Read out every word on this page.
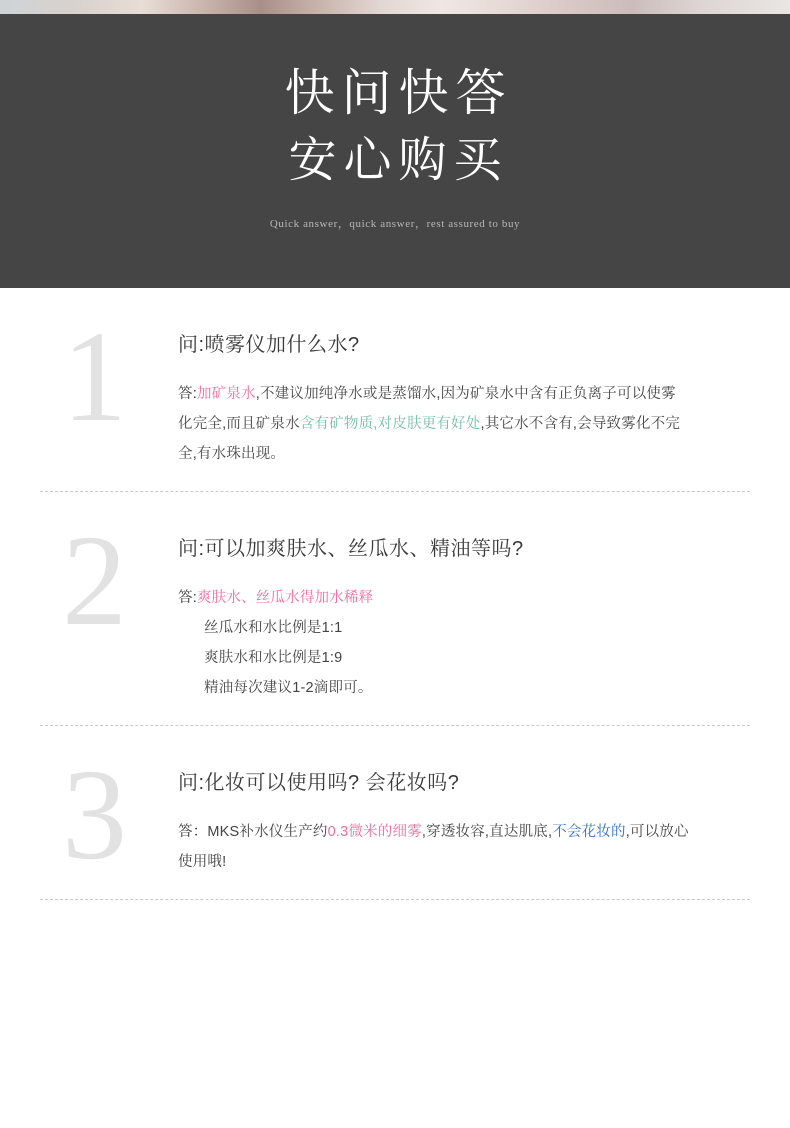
快问快答
安心购买
Quick answer，quick answer，rest assured to buy
1	问:喷雾仪加什么水?

答:加矿泉水,不建议加纯净水或是蒸馏水,因为矿泉水中含有正负离子可以使雾化完全,而且矿泉水含有矿物质,对皮肤更有好处,其它水不含有,会导致雾化不完全,有水珠出现。
2	问:可以加爽肤水、丝瓜水、精油等吗?

答:爽肤水、丝瓜水得加水稀释
丝瓜水和水比例是1:1
爽肤水和水比例是1:9
精油每次建议1-2滴即可。
3	问:化妆可以使用吗? 会花妆吗?

答：MKS补水仪生产约0.3微米的细雾,穿透妆容,直达肌底,不会花妆的,可以放心使用哦!
